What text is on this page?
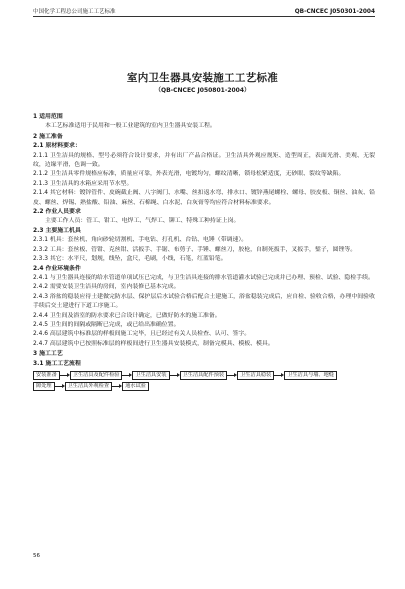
中国化学工程总公司施工工艺标准	QB-CNCEC J050301-2004
室内卫生器具安装施工工艺标准
（QB-CNCEC J050801-2004）
1 适用范围
本工艺标准适用于民用和一般工业建筑的室内卫生器具安装工程。
2 施工准备
2.1 原材料要求：
2.1.1 卫生洁具的规格、型号必须符合设计要求，并有出厂产品合格证。卫生洁具外观应规矩、造型周正，表面光滑、美观、无裂纹，边缘平滑，色调一致。
2.1.2 卫生洁具零件规格应标准，质量应可靠，外表光滑，电镀均匀，螺纹清晰，锁母松紧适度，无砂眼、裂纹等缺陷。
2.1.3 卫生洁具的水箱应采用节水型。
2.1.4 其它材料：镀锌管件、皮碗截止阀、八字阀门、水嘴、丝扣返水弯、排水口、镀锌燕尾螺栓、螺母、胶皮板、铜丝、油灰、铅皮、螺丝、焊锡、熟盐酸、铅油、麻丝、石棉绳、白水泥、白灰膏等均应符合材料标准要求。
2.2 作业人员要求
主要工作人员：管工、钳工、电焊工、气焊工、铆工、特殊工种持证上岗。
2.3 主要施工机具
2.3.1 机具：套丝机、角向砂轮切割机、手电钻、打孔机、台钻、电锤（带调速）。
2.3.2 工具：套丝板、管钳、克丝钳、活扳手、手锯、布剪子、手锤、螺丝刀，胶枪，自制死扳手，叉扳手，錾子，圆锉等。
2.3.3 其它：水平尺，划规，线坠，盒尺，毛刷，小线，石笔，红蓝铅笔。
2.4 作业环境条件
2.4.1 与卫生器具连接的给水管道单项试压已完成，与卫生洁具连接的排水管道灌水试验已完成并已办理、预检、试验、隐检手续。
2.4.2 需要安装卫生洁具的房间，室内装修已基本完成。
2.4.3 浴盆的稳装应待土建做完防水层、保护层后水试验合格后配合土建施工，浴盆稳装完成后，应自检、验收合格，办理中间验收手续后交土建进行下道工序施工。
2.4.4 卫生间及浴室的防水要求已合设计确定，已做好防水的施工准备。
2.4.5 卫生间的间隔或隔断已完成，或已给出准确位置。
2.4.6 高层建筑中标准层的样板间施工完毕，且已经过有关人员检查、认可、签字。
2.4.7 高层建筑中已按照标准层的样板间进行卫生器具安装模式，制备完模具、模板、模具。
3 施工工艺
3.1 施工工艺流程
安装准备	卫生洁具及配件检验	卫生洁具安装	卫生洁具配件预装	卫生洁具稳装	卫生洁具与墙、地缝
隙处理	卫生洁具外观检查	通水试验
56
